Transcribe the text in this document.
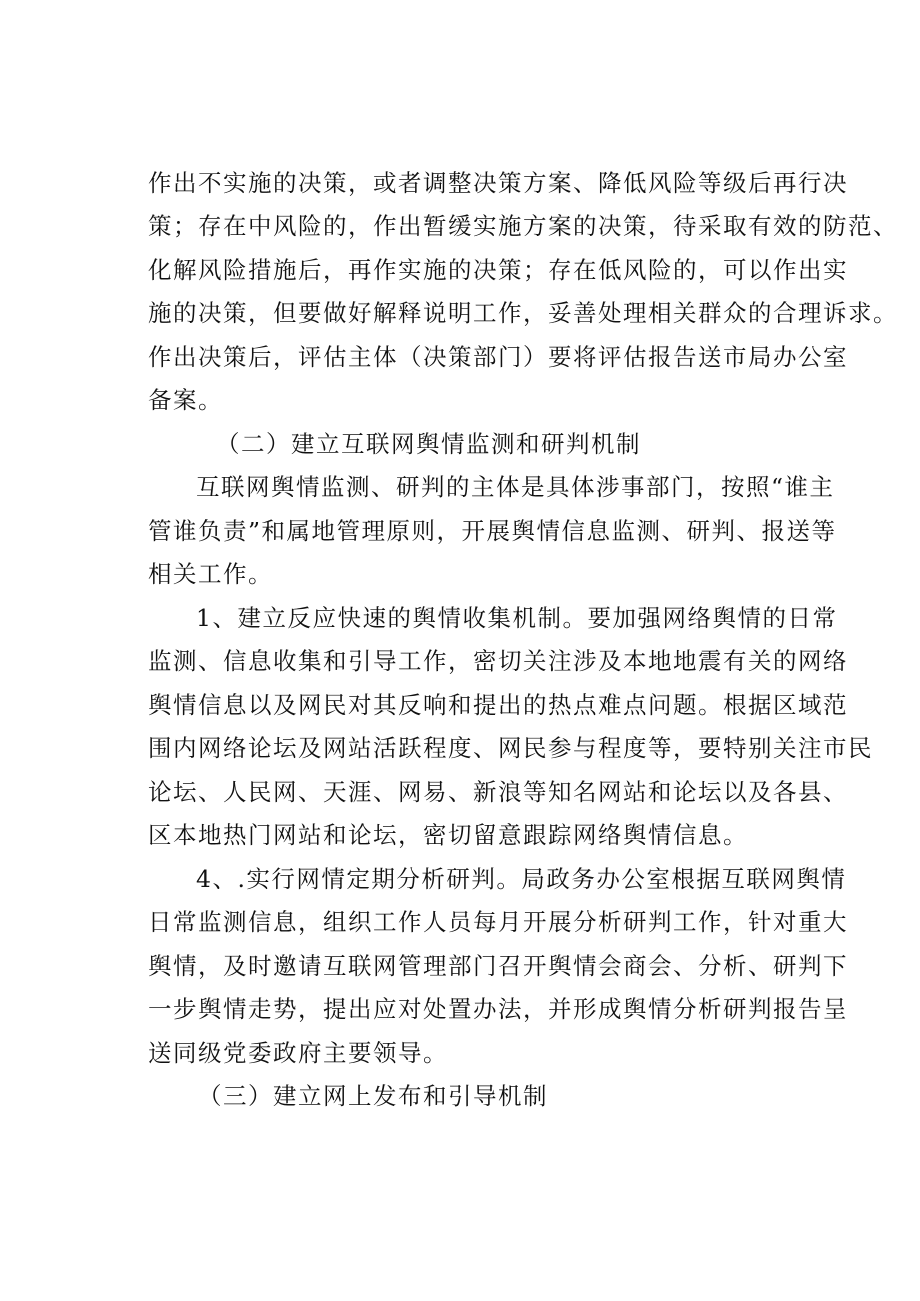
作出不实施的决策，或者调整决策方案、降低风险等级后再行决
策；存在中风险的，作出暂缓实施方案的决策，待采取有效的防范、
化解风险措施后，再作实施的决策；存在低风险的，可以作出实
施的决策，但要做好解释说明工作，妥善处理相关群众的合理诉求。
作出决策后，评估主体（决策部门）要将评估报告送市局办公室
备案。
（二）建立互联网舆情监测和研判机制
互联网舆情监测、研判的主体是具体涉事部门，按照“谁主
管谁负责”和属地管理原则，开展舆情信息监测、研判、报送等
相关工作。
1、建立反应快速的舆情收集机制。要加强网络舆情的日常
监测、信息收集和引导工作，密切关注涉及本地地震有关的网络
舆情信息以及网民对其反响和提出的热点难点问题。根据区域范
围内网络论坛及网站活跃程度、网民参与程度等，要特别关注市民
论坛、人民网、天涯、网易、新浪等知名网站和论坛以及各县、
区本地热门网站和论坛，密切留意跟踪网络舆情信息。
4、.实行网情定期分析研判。局政务办公室根据互联网舆情
日常监测信息，组织工作人员每月开展分析研判工作，针对重大
舆情，及时邀请互联网管理部门召开舆情会商会、分析、研判下
一步舆情走势，提出应对处置办法，并形成舆情分析研判报告呈
送同级党委政府主要领导。
（三）建立网上发布和引导机制
